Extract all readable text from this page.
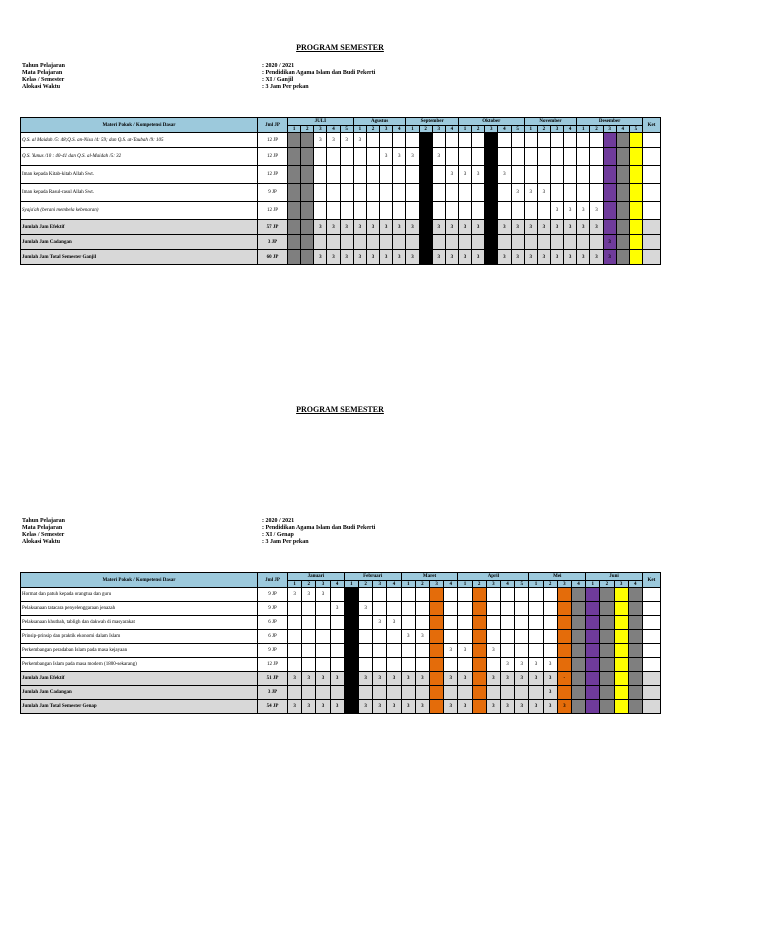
PROGRAM SEMESTER
Tahun Pelajaran	: 2020 / 2021
Mata Pelajaran	: Pendidikan Agama Islam dan Budi Pekerti
Kelas / Semester	: XI / Ganjil
Alokasi Waktu	: 3 Jam Per pekan
Materi Pokok / Kompetensi Dasar	Jml JP	JULI					Agustus				September				Oktober					November				Desember					Ket
		1	2	3	4	5	1	2	3	4	1	2	3	4	1	2	3	4	5	1	2	3	4	1	2	3	4	5	
Q.S. al Maidah /5: 48;Q.S. an-Nisa /4: 59; dan Q.S. at-Taubah /9: 105	12 JP			3	3	3	3																						
Q.S. Yunus /10 : 40-41 dan Q.S. al-Maidah /5: 32	12 JP								3	3	3		3																
Iman kepada Kitab-kitab Allah Swt.	12 JP													3	3	3		3											
Iman kepada Rasul-rasul Allah Swt.	9 JP																		3	3	3								
Syaja'ah (berani membela kebenaran)	12 JP																					3	3	3	3				
Jumlah Jam Efektif	57 JP			3	3	3	3	3	3	3	3		3	3	3	3		3	3	3	3	3	3	3	3				
Jumlah Jam Cadangan	3 JP																									3			
Jumlah Jam Total Semester Ganjil	60 JP			3	3	3	3	3	3	3	3		3	3	3	3		3	3	3	3	3	3	3	3	3			
PROGRAM SEMESTER
Tahun Pelajaran	: 2020 / 2021
Mata Pelajaran	: Pendidikan Agama Islam dan Budi Pekerti
Kelas / Semester	: XI / Genap
Alokasi Waktu	: 3 Jam Per pekan
Materi Pokok / Kompetensi Dasar	Jml JP	Januari				Februari				Maret				April					Mei				Juni				Ket
		1	2	3	4	1	2	3	4	1	2	3	4	1	2	3	4	5	1	2	3	4	1	2	3	4	
Hormat dan patuh kepada orangtua dan guru	9 JP	3	3	3																							
Pelaksanaan tatacara penyelenggaraan jenazah	9 JP				3	3	3																				
Pelaksanaan khutbah, tabligh dan dakwah di masyarakat	6 JP							3	3																		
Prinsip-prinsip dan praktik ekonomi dalam Islam	6 JP									3	3																
Perkembangan peradaban Islam pada masa kejayaan	9 JP												3	3		3											
Perkembangan Islam pada masa modern (1800-sekarang)	12 JP																3	3	3	3							
Jumlah Jam Efektif	51 JP	3	3	3	3	3	3	3	3	3	3		3	3		3	3	3	3	3	-						
Jumlah Jam Cadangan	3 JP																			3							
Jumlah Jam Total Semester Genap	54 JP	3	3	3	3	3	3	3	3	3	3		3	3		3	3	3	3	3	3						
